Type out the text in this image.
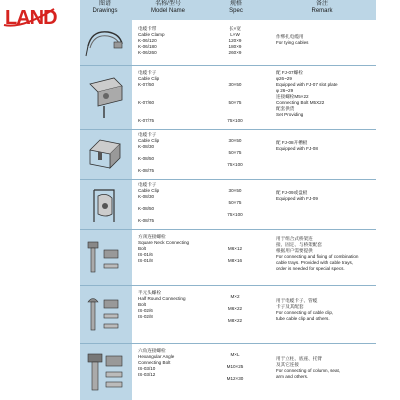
LAND
图谱
Drawings
名称/型号
Model Name
规格
Spec
备注
Remark
电缆卡带
Cable Clamp
K-06/120
K-06/180
K-06/260
长×宽
L×W
120×9
180×9
260×9
作绑扎电缆用
For tying cables
电缆卡子
Cable Clip
K-07/50
K-07/60
K-07/75
30×50
50×75
75×100
配 FJ-07螺栓
φ26~29
Equipped with FJ-07 slot plate
φ 26~29
连接螺栓M5×22
Connecting Bolt M5X22
配套供货
Set Providing
电缆卡子
Cable Clip
K-08/30
K-08/50
K-08/75
30×50
50×75
75×100
配 FJ-08开槽板
Equipped with FJ-08
电缆卡子
Cable Clip
K-08/30
K-08/50
K-08/75
30×50
50×75
75×100
配 FJ-09或盘板
Equipped with FJ-09
方颈连接螺栓
Square Neck Connecting
Bolt
IS-01/6
IS-01/8
M6×12
M8×16
用于组合式桥架连
接、固定、与桥架配套
根据用户需要提供
For connecting and fixing of combination
cable trays. Provided with cable trays,
order is needed for special specs.
半元头螺栓
Half Round Connecting
Bolt
IS-02/6
IS-02/8
M×2
M6×22
M8×22
用于电缆卡子、管缆
卡子及其配套
For connecting of cable clip,
tube cable clip and others.
六角连接螺栓
Hexangular Angle
Connecting Bolt
IS-03/10
IS-03/12
M×L
M10×25
M12×30
用于立柱、底座、托臂
及其它连接
For connecting of column, seat,
arm and others.
